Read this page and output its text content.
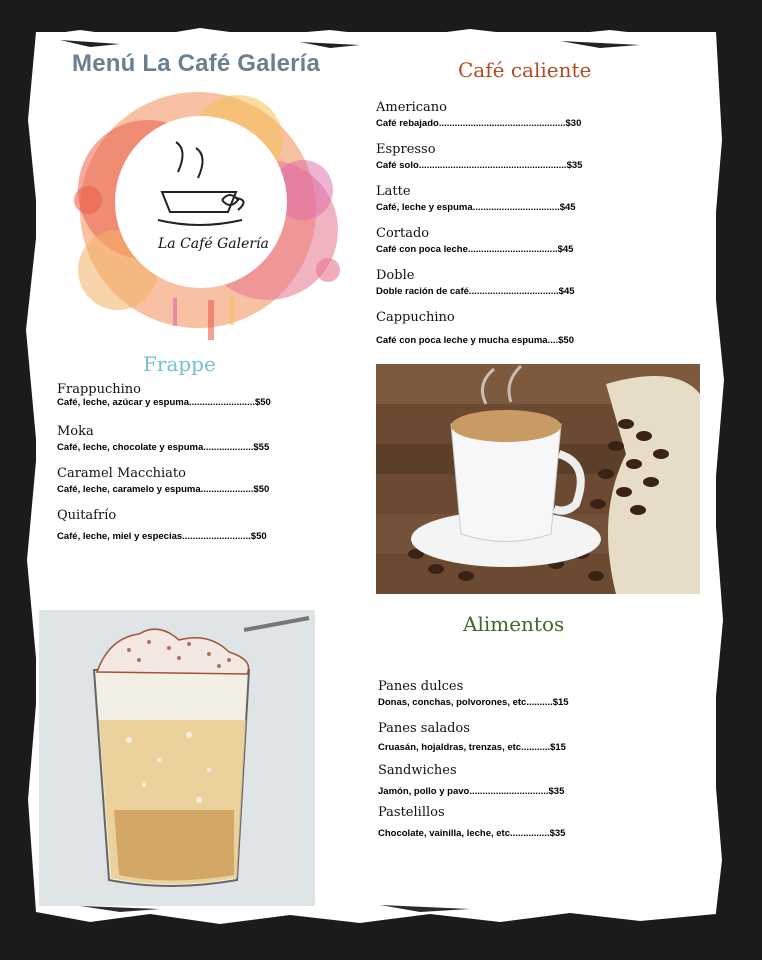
Menú La Café Galería
La Café Galería
Café caliente
Americano
Café rebajado................................................$30
Espresso
Café solo........................................................$35
Latte
Café, leche y espuma.................................$45
Cortado
Café con poca leche..................................$45
Doble
Doble ración de café..................................$45
Cappuchino
Café con poca leche y mucha espuma....$50
Frappe
Frappuchino
Café, leche, azúcar y espuma.........................$50
Moka
Café, leche, chocolate y espuma...................$55
Caramel Macchiato
Café, leche, caramelo y espuma....................$50
Quitafrío
Café, leche, miel y especias..........................$50
Alimentos
Panes dulces
Donas, conchas, polvorones, etc..........$15
Panes salados
Cruasán, hojaldras, trenzas, etc...........$15
Sandwiches
Jamón, pollo y pavo..............................$35
Pastelillos
Chocolate, vainilla, leche, etc...............$35
